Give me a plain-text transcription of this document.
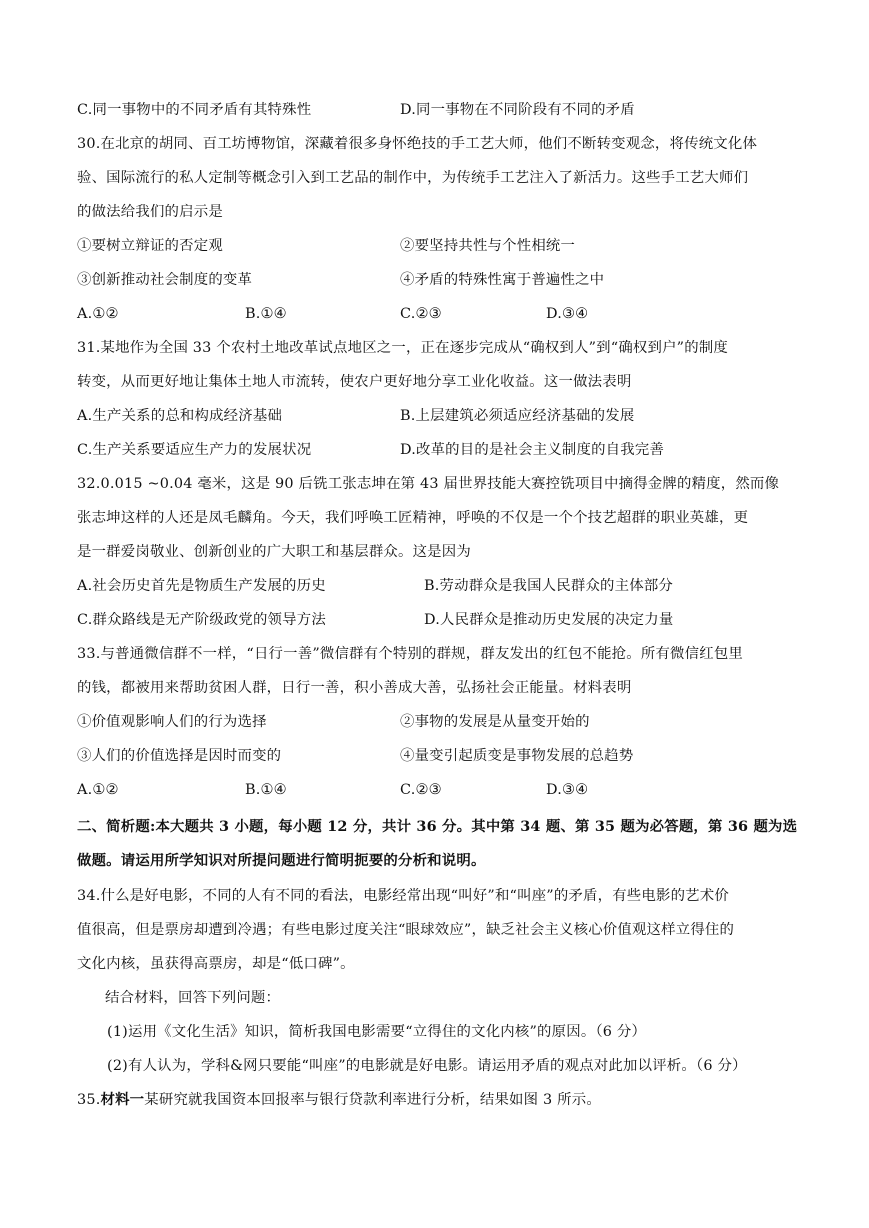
C.同一事物中的不同矛盾有其特殊性	D.同一事物在不同阶段有不同的矛盾
30.在北京的胡同、百工坊博物馆，深藏着很多身怀绝技的手工艺大师，他们不断转变观念，将传统文化体
验、国际流行的私人定制等概念引入到工艺品的制作中，为传统手工艺注入了新活力。这些手工艺大师们
的做法给我们的启示是
①要树立辩证的否定观	②要坚持共性与个性相统一
③创新推动社会制度的变革	④矛盾的特殊性寓于普遍性之中
A.①②	B.①④	C.②③	D.③④
31.某地作为全国 33 个农村土地改革试点地区之一，正在逐步完成从“确权到人”到“确权到户”的制度
转变，从而更好地让集体土地人市流转，使农户更好地分享工业化收益。这一做法表明
A.生产关系的总和构成经济基础	B.上层建筑必须适应经济基础的发展
C.生产关系要适应生产力的发展状况	D.改革的目的是社会主义制度的自我完善
32.0.015 ~0.04 毫米，这是 90 后铣工张志坤在第 43 届世界技能大赛控铣项目中摘得金牌的精度，然而像
张志坤这样的人还是凤毛麟角。今天，我们呼唤工匠精神，呼唤的不仅是一个个技艺超群的职业英雄，更
是一群爱岗敬业、创新创业的广大职工和基层群众。这是因为
A.社会历史首先是物质生产发展的历史	B.劳动群众是我国人民群众的主体部分
C.群众路线是无产阶级政党的领导方法	D.人民群众是推动历史发展的决定力量
33.与普通微信群不一样，“日行一善”微信群有个特别的群规，群友发出的红包不能抢。所有微信红包里
的钱，都被用来帮助贫困人群，日行一善，积小善成大善，弘扬社会正能量。材料表明
①价值观影响人们的行为选择	②事物的发展是从量变开始的
③人们的价值选择是因时而变的	④量变引起质变是事物发展的总趋势
A.①②	B.①④	C.②③	D.③④
二、简析题:本大题共 3 小题，每小题 12 分，共计 36 分。其中第 34 题、第 35 题为必答题，第 36 题为选
做题。请运用所学知识对所提问题进行简明扼要的分析和说明。
34.什么是好电影，不同的人有不同的看法，电影经常出现“叫好”和“叫座”的矛盾，有些电影的艺术价
值很高，但是票房却遭到冷遇；有些电影过度关注“眼球效应”，缺乏社会主义核心价值观这样立得住的
文化内核，虽获得高票房，却是“低口碑”。
结合材料，回答下列问题：
(1)运用《文化生活》知识，简析我国电影需要“立得住的文化内核”的原因。（6 分）
(2)有人认为，学科&网只要能“叫座”的电影就是好电影。请运用矛盾的观点对此加以评析。（6 分）
35.材料一某研究就我国资本回报率与银行贷款利率进行分析，结果如图 3 所示。
